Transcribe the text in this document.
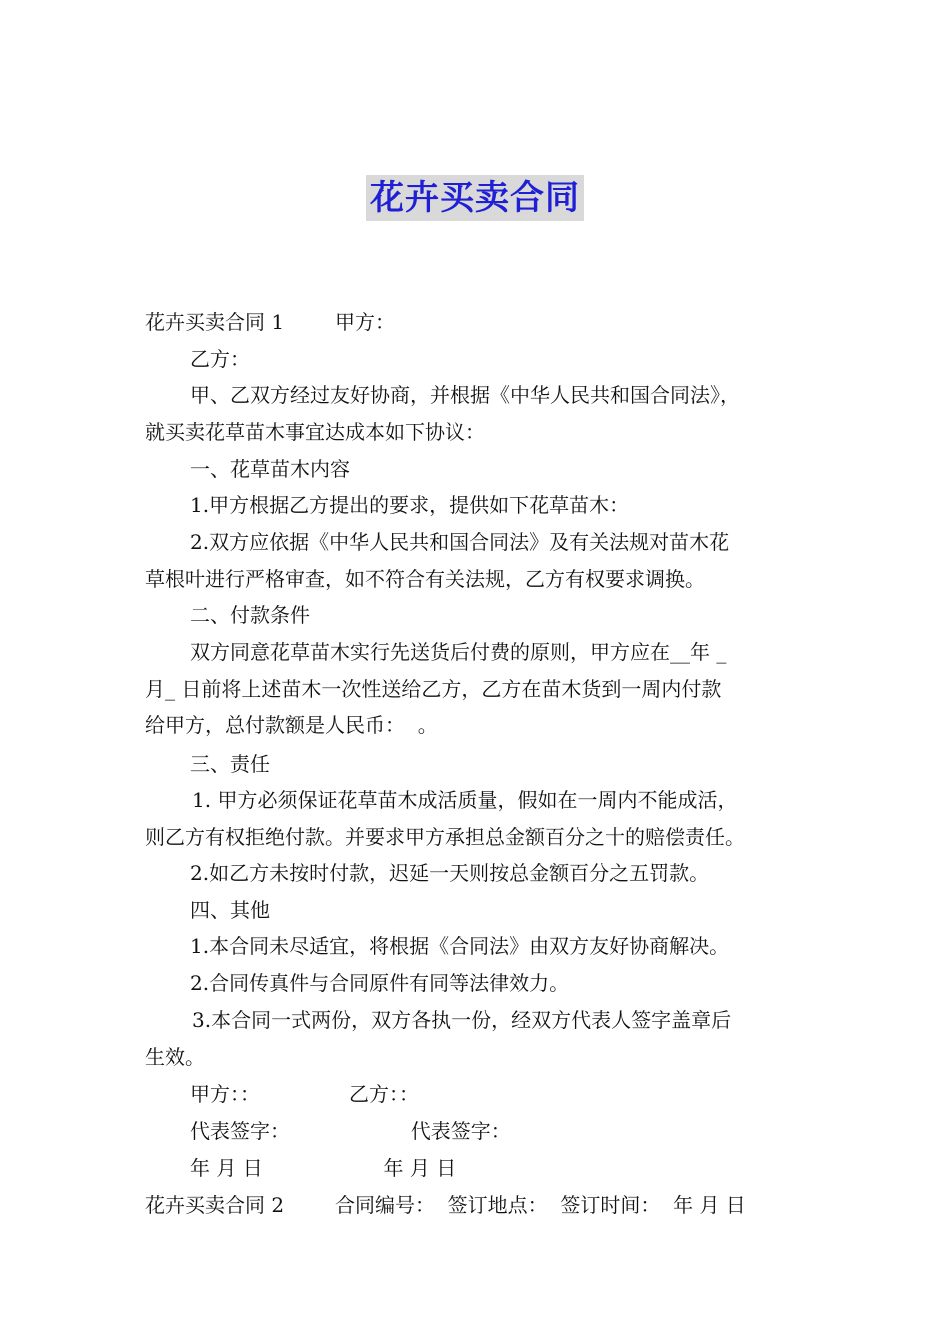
花卉买卖合同
花卉买卖合同 1        甲方：
乙方：
甲、乙双方经过友好协商，并根据《中华人民共和国合同法》，
就买卖花草苗木事宜达成本如下协议：
一、花草苗木内容
1.甲方根据乙方提出的要求，提供如下花草苗木：
2.双方应依据《中华人民共和国合同法》及有关法规对苗木花
草根叶进行严格审查，如不符合有关法规，乙方有权要求调换。
二、付款条件
双方同意花草苗木实行先送货后付费的原则，甲方应在__年 _
月_ 日前将上述苗木一次性送给乙方，乙方在苗木货到一周内付款
给甲方，总付款额是人民币：  。
三、责任
1. 甲方必须保证花草苗木成活质量，假如在一周内不能成活，
则乙方有权拒绝付款。并要求甲方承担总金额百分之十的赔偿责任。
2.如乙方未按时付款，迟延一天则按总金额百分之五罚款。
四、其他
1.本合同未尽适宜，将根据《合同法》由双方友好协商解决。
2.合同传真件与合同原件有同等法律效力。
3.本合同一式两份，双方各执一份，经双方代表人签字盖章后
生效。
甲方：：              乙方：：
代表签字：                   代表签字：
年 月 日                   年 月 日
花卉买卖合同 2        合同编号：  签订地点：  签订时间：  年 月 日
